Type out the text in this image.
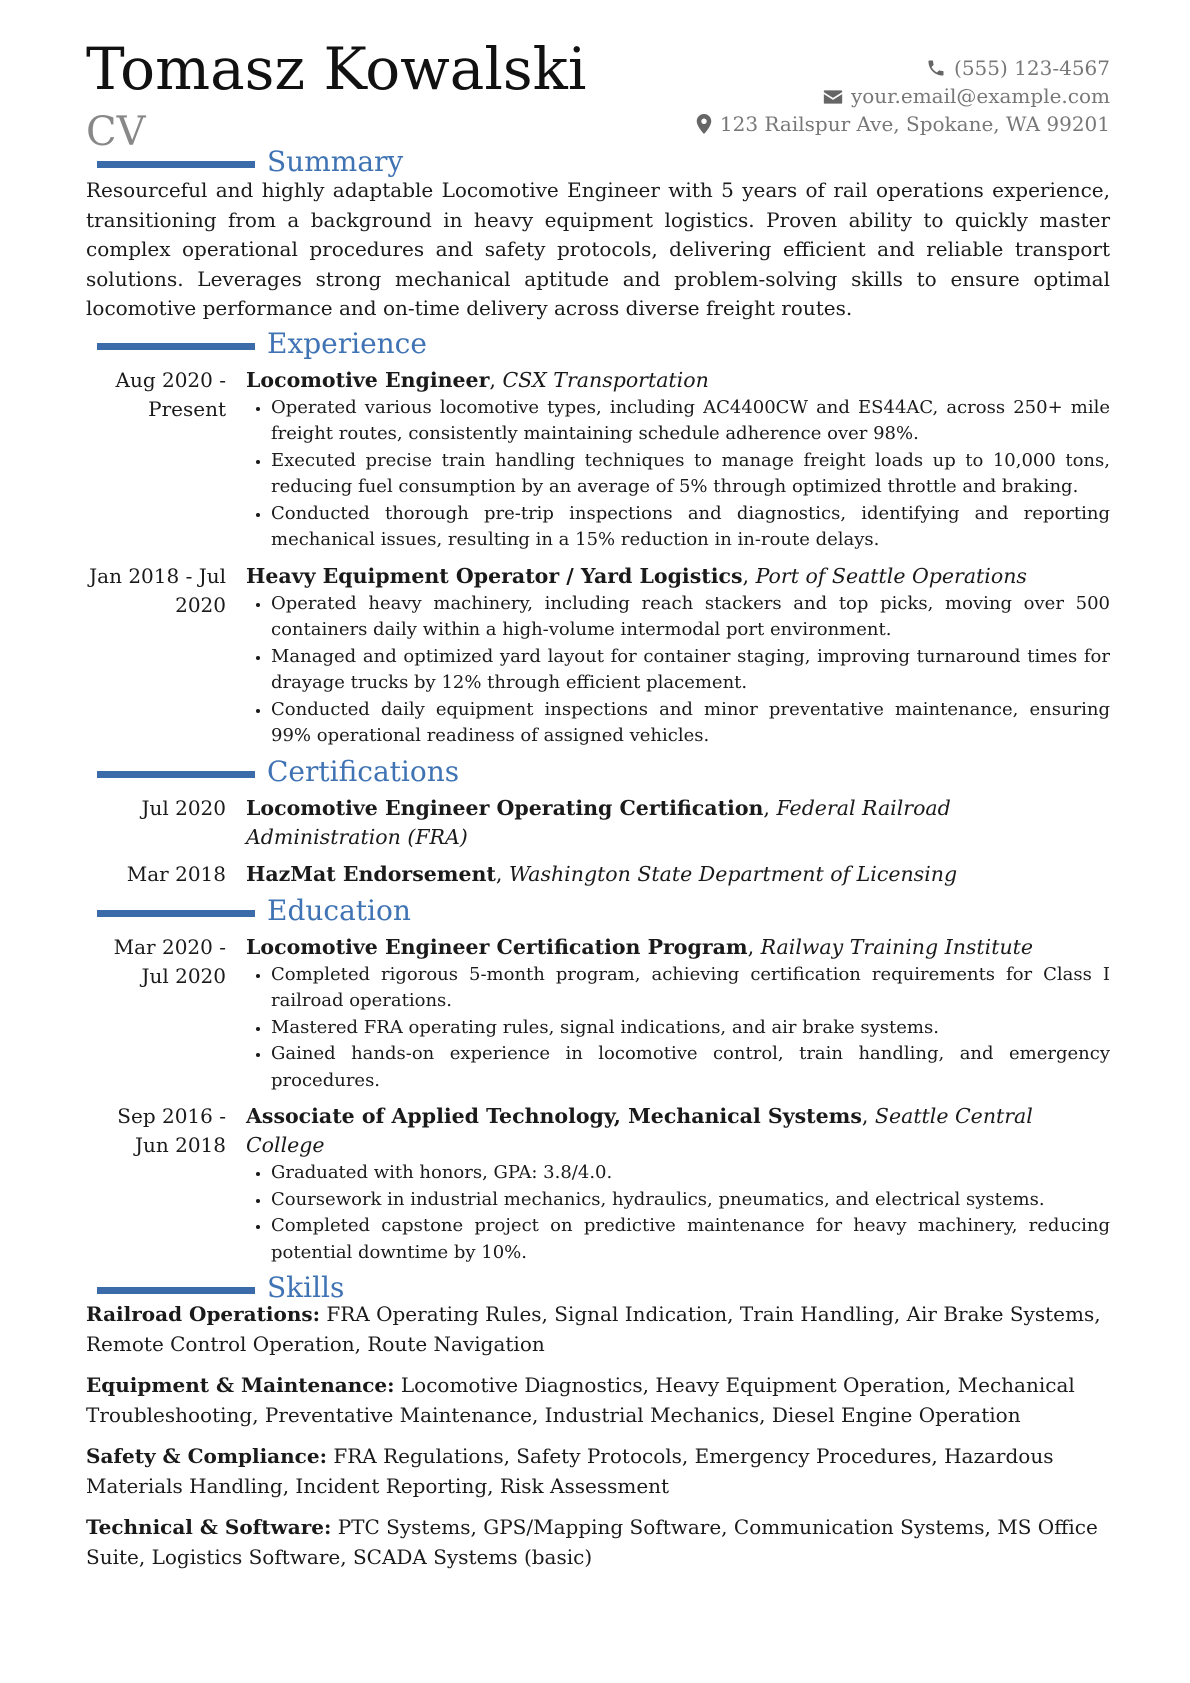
Tomasz Kowalski
CV
(555) 123-4567
your.email@example.com
123 Railspur Ave, Spokane, WA 99201
Summary

Resourceful and highly adaptable Locomotive Engineer with 5 years of rail operations experience, transitioning from a background in heavy equipment logistics. Proven ability to quickly master complex operational procedures and safety protocols, delivering efficient and reliable transport solutions. Leverages strong mechanical aptitude and problem-solving skills to ensure optimal locomotive performance and on-time delivery across diverse freight routes.

Experience
Aug 2020 - Present
Locomotive Engineer, CSX Transportation
• Operated various locomotive types, including AC4400CW and ES44AC, across 250+ mile freight routes, consistently maintaining schedule adherence over 98%.
• Executed precise train handling techniques to manage freight loads up to 10,000 tons, reducing fuel consumption by an average of 5% through optimized throttle and braking.
• Conducted thorough pre-trip inspections and diagnostics, identifying and reporting mechanical issues, resulting in a 15% reduction in in-route delays.
Jan 2018 - Jul 2020
Heavy Equipment Operator / Yard Logistics, Port of Seattle Operations
• Operated heavy machinery, including reach stackers and top picks, moving over 500 containers daily within a high-volume intermodal port environment.
• Managed and optimized yard layout for container staging, improving turnaround times for drayage trucks by 12% through efficient placement.
• Conducted daily equipment inspections and minor preventative maintenance, ensuring 99% operational readiness of assigned vehicles.
Certifications
Jul 2020 Locomotive Engineer Operating Certification, Federal Railroad Administration (FRA)
Mar 2018 HazMat Endorsement, Washington State Department of Licensing
Education
Mar 2020 - Jul 2020
Locomotive Engineer Certification Program, Railway Training Institute
• Completed rigorous 5-month program, achieving certification requirements for Class I railroad operations.
• Mastered FRA operating rules, signal indications, and air brake systems.
• Gained hands-on experience in locomotive control, train handling, and emergency procedures.
Sep 2016 - Jun 2018
Associate of Applied Technology, Mechanical Systems, Seattle Central College
• Graduated with honors, GPA: 3.8/4.0.
• Coursework in industrial mechanics, hydraulics, pneumatics, and electrical systems.
• Completed capstone project on predictive maintenance for heavy machinery, reducing potential downtime by 10%.
Skills

Railroad Operations: FRA Operating Rules, Signal Indication, Train Handling, Air Brake Systems, Remote Control Operation, Route Navigation

Equipment & Maintenance: Locomotive Diagnostics, Heavy Equipment Operation, Mechanical Troubleshooting, Preventative Maintenance, Industrial Mechanics, Diesel Engine Operation

Safety & Compliance: FRA Regulations, Safety Protocols, Emergency Procedures, Hazardous Materials Handling, Incident Reporting, Risk Assessment

Technical & Software: PTC Systems, GPS/Mapping Software, Communication Systems, MS Office Suite, Logistics Software, SCADA Systems (basic)
